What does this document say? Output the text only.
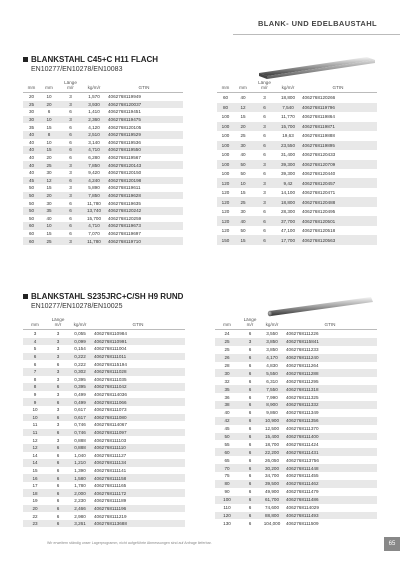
BLANK- UND EDELBAUSTAHL
BLANKSTAHL C45+C H11 FLACH
EN10277/EN10278/EN10083
mm	mm	Länge
m/r	kg/m/r	GTIN
20	10	3	1,570	4062768119949
25	20	3	3,930	4062768120037
30	6	6	1,410	4062768119451
30	10	3	2,360	4062768119475
35	15	6	4,120	4062768120105
40	8	6	2,510	4062768119529
40	10	6	3,140	4062768119536
40	15	6	4,710	4062768119550
40	20	6	6,280	4062768119567
40	25	3	7,850	4062768120143
40	30	3	9,420	4062768120150
45	12	6	4,240	4062768120198
50	15	3	5,890	4062768119611
50	20	3	7,850	4062768119628
50	30	6	11,780	4062768119635
50	35	6	13,740	4062768120242
50	40	6	15,700	4062768120259
60	10	6	4,710	4062768119673
60	15	6	7,070	4062768119697
60	25	3	11,780	4062768119710
mm	mm	Länge
m/r	kg/m/r	GTIN
60	40	3	18,800	4062768120266
80	12	6	7,540	4062768119796
100	15	6	11,770	4062768119864
100	20	3	15,700	4062768119871
100	25	6	19,63	4062768119888
100	30	6	23,550	4062768119895
100	40	6	31,400	4062768120433
100	50	3	39,300	4062768120709
100	50	6	39,300	4062768120440
120	10	3	9,42	4062768120457
120	15	3	14,100	4062768120471
120	25	3	18,800	4062768120488
120	30	6	28,300	4062768120495
120	40	6	37,700	4062768120501
120	50	6	47,100	4062768120518
150	15	6	17,700	4062768120563
BLANKSTAHL S235JRC+C/SH H9 RUND
EN10277/EN10278/EN10025
mm	Länge
m/r	kg/m/r	GTIN
3	3	0,055	4062768110984
4	3	0,099	4062768110991
5	3	0,154	4062768111004
6	3	0,222	4062768111011
6	6	0,222	4062768115194
7	3	0,302	4062768111028
8	3	0,395	4062768111035
8	6	0,395	4062768111042
9	3	0,499	4062768114036
9	6	0,499	4062768111066
10	3	0,617	4062768111073
10	6	0,617	4062768111080
11	3	0,746	4062768114067
11	6	0,746	4062768111097
12	3	0,888	4062768111103
12	6	0,888	4062768111110
14	6	1,040	4062768111127
14	6	1,210	4062768111134
15	6	1,390	4062768111141
16	6	1,580	4062768111158
17	6	1,780	4062768111165
18	6	2,000	4062768111172
19	6	2,230	4062768111189
20	6	2,466	4062768111196
22	6	2,980	4062768111219
23	6	3,261	4062768113688
mm	Länge
m/r	kg/m/r	GTIN
24	6	3,550	4062768111226
25	3	3,850	4062768115841
25	6	3,850	4062768111233
26	6	4,170	4062768111240
28	6	4,830	4062768111264
30	6	5,550	4062768111288
32	6	6,310	4062768111295
35	6	7,550	4062768111318
36	6	7,990	4062768111325
38	6	8,900	4062768111332
40	6	9,860	4062768111349
42	6	10,900	4062768111356
45	6	12,500	4062768111370
50	6	15,400	4062768111400
55	6	18,700	4062768111424
60	6	22,200	4062768111431
65	6	26,050	4062768113756
70	6	30,200	4062768111448
75	6	34,700	4062768111455
80	6	39,500	4062768111462
90	6	49,900	4062768111479
100	6	61,700	4062768111486
110	6	74,600	4062768114029
120	6	88,800	4062768111493
130	6	104,000	4062768111509
Wir erweitern ständig unser Lagerprogramm, nicht aufgeführte Abmessungen sind auf Anfrage lieferbar.	65
